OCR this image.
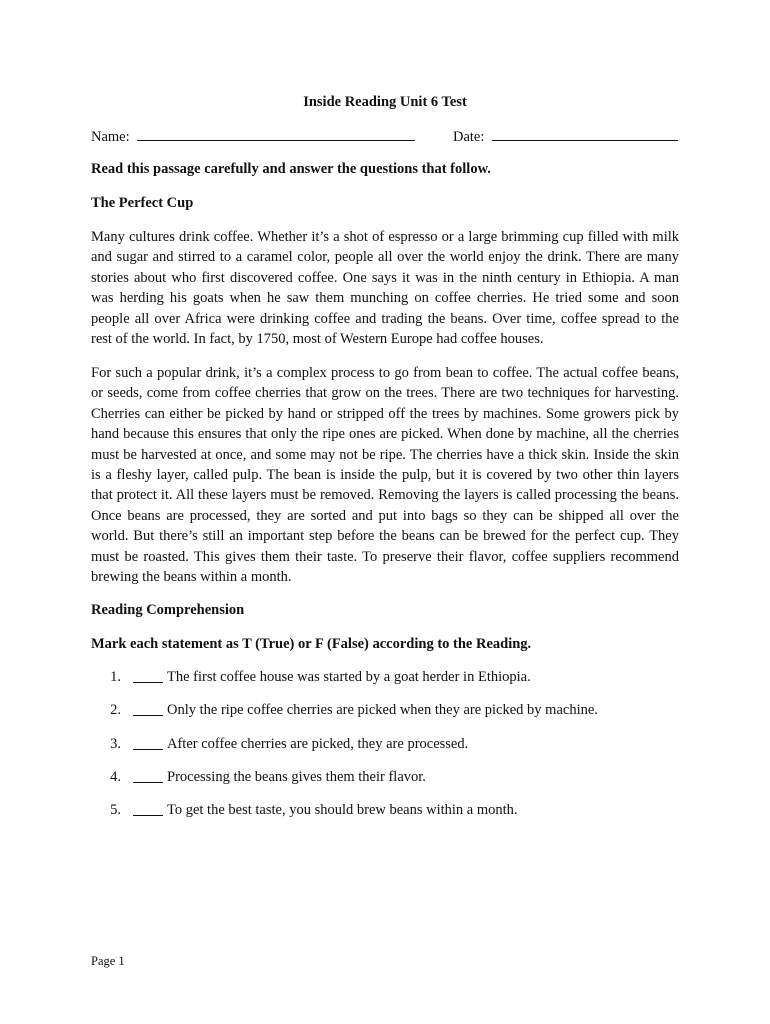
Inside Reading Unit 6 Test
Name:	Date:
Read this passage carefully and answer the questions that follow.
The Perfect Cup
Many cultures drink coffee. Whether it’s a shot of espresso or a large brimming cup filled with milk and sugar and stirred to a caramel color, people all over the world enjoy the drink. There are many stories about who first discovered coffee. One says it was in the ninth century in Ethiopia. A man was herding his goats when he saw them munching on coffee cherries. He tried some and soon people all over Africa were drinking coffee and trading the beans. Over time, coffee spread to the rest of the world. In fact, by 1750, most of Western Europe had coffee houses.
For such a popular drink, it’s a complex process to go from bean to coffee. The actual coffee beans, or seeds, come from coffee cherries that grow on the trees. There are two techniques for harvesting. Cherries can either be picked by hand or stripped off the trees by machines. Some growers pick by hand because this ensures that only the ripe ones are picked. When done by machine, all the cherries must be harvested at once, and some may not be ripe. The cherries have a thick skin. Inside the skin is a fleshy layer, called pulp. The bean is inside the pulp, but it is covered by two other thin layers that protect it. All these layers must be removed. Removing the layers is called processing the beans. Once beans are processed, they are sorted and put into bags so they can be shipped all over the world. But there’s still an important step before the beans can be brewed for the perfect cup. They must be roasted. This gives them their taste. To preserve their flavor, coffee suppliers recommend brewing the beans within a month.
Reading Comprehension
Mark each statement as T (True) or F (False) according to the Reading.
1.	The first coffee house was started by a goat herder in Ethiopia.
2.	Only the ripe coffee cherries are picked when they are picked by machine.
3.	After coffee cherries are picked, they are processed.
4.	Processing the beans gives them their flavor.
5.	To get the best taste, you should brew beans within a month.
Page 1
